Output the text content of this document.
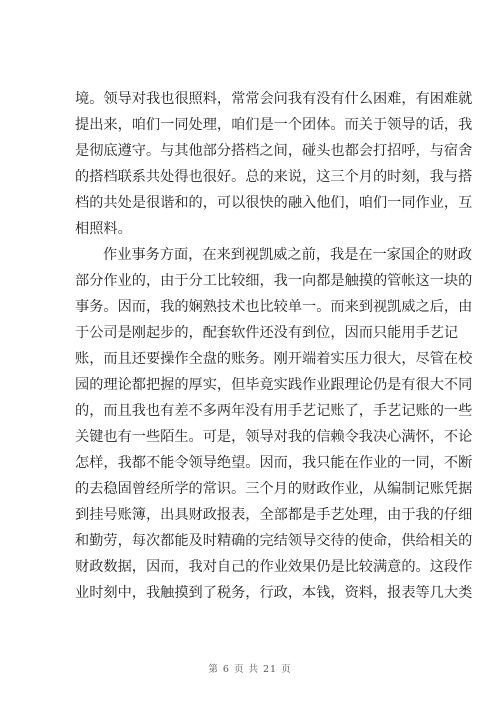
境。领导对我也很照料，常常会问我有没有什么困难，有困难就
提出来，咱们一同处理，咱们是一个团体。而关于领导的话，我
是彻底遵守。与其他部分搭档之间，碰头也都会打招呼，与宿舍
的搭档联系共处得也很好。总的来说，这三个月的时刻，我与搭
档的共处是很谐和的，可以很快的融入他们，咱们一同作业，互
相照料。
作业事务方面，在来到视凯威之前，我是在一家国企的财政
部分作业的，由于分工比较细，我一向都是触摸的管帐这一块的
事务。因而，我的娴熟技术也比较单一。而来到视凯威之后，由
于公司是刚起步的，配套软件还没有到位，因而只能用手艺记
账，而且还要操作全盘的账务。刚开端着实压力很大，尽管在校
园的理论都把握的厚实，但毕竟实践作业跟理论仍是有很大不同
的，而且我也有差不多两年没有用手艺记账了，手艺记账的一些
关键也有一些陌生。可是，领导对我的信赖令我决心满怀，不论
怎样，我都不能令领导绝望。因而，我只能在作业的一同，不断
的去稳固曾经所学的常识。三个月的财政作业，从编制记账凭据
到挂号账簿，出具财政报表，全部都是手艺处理，由于我的仔细
和勤劳，每次都能及时精确的完结领导交待的使命，供给相关的
财政数据，因而，我对自己的作业效果仍是比较满意的。这段作
业时刻中，我触摸到了税务，行政，本钱，资料，报表等几大类
第 6 页 共 21 页
